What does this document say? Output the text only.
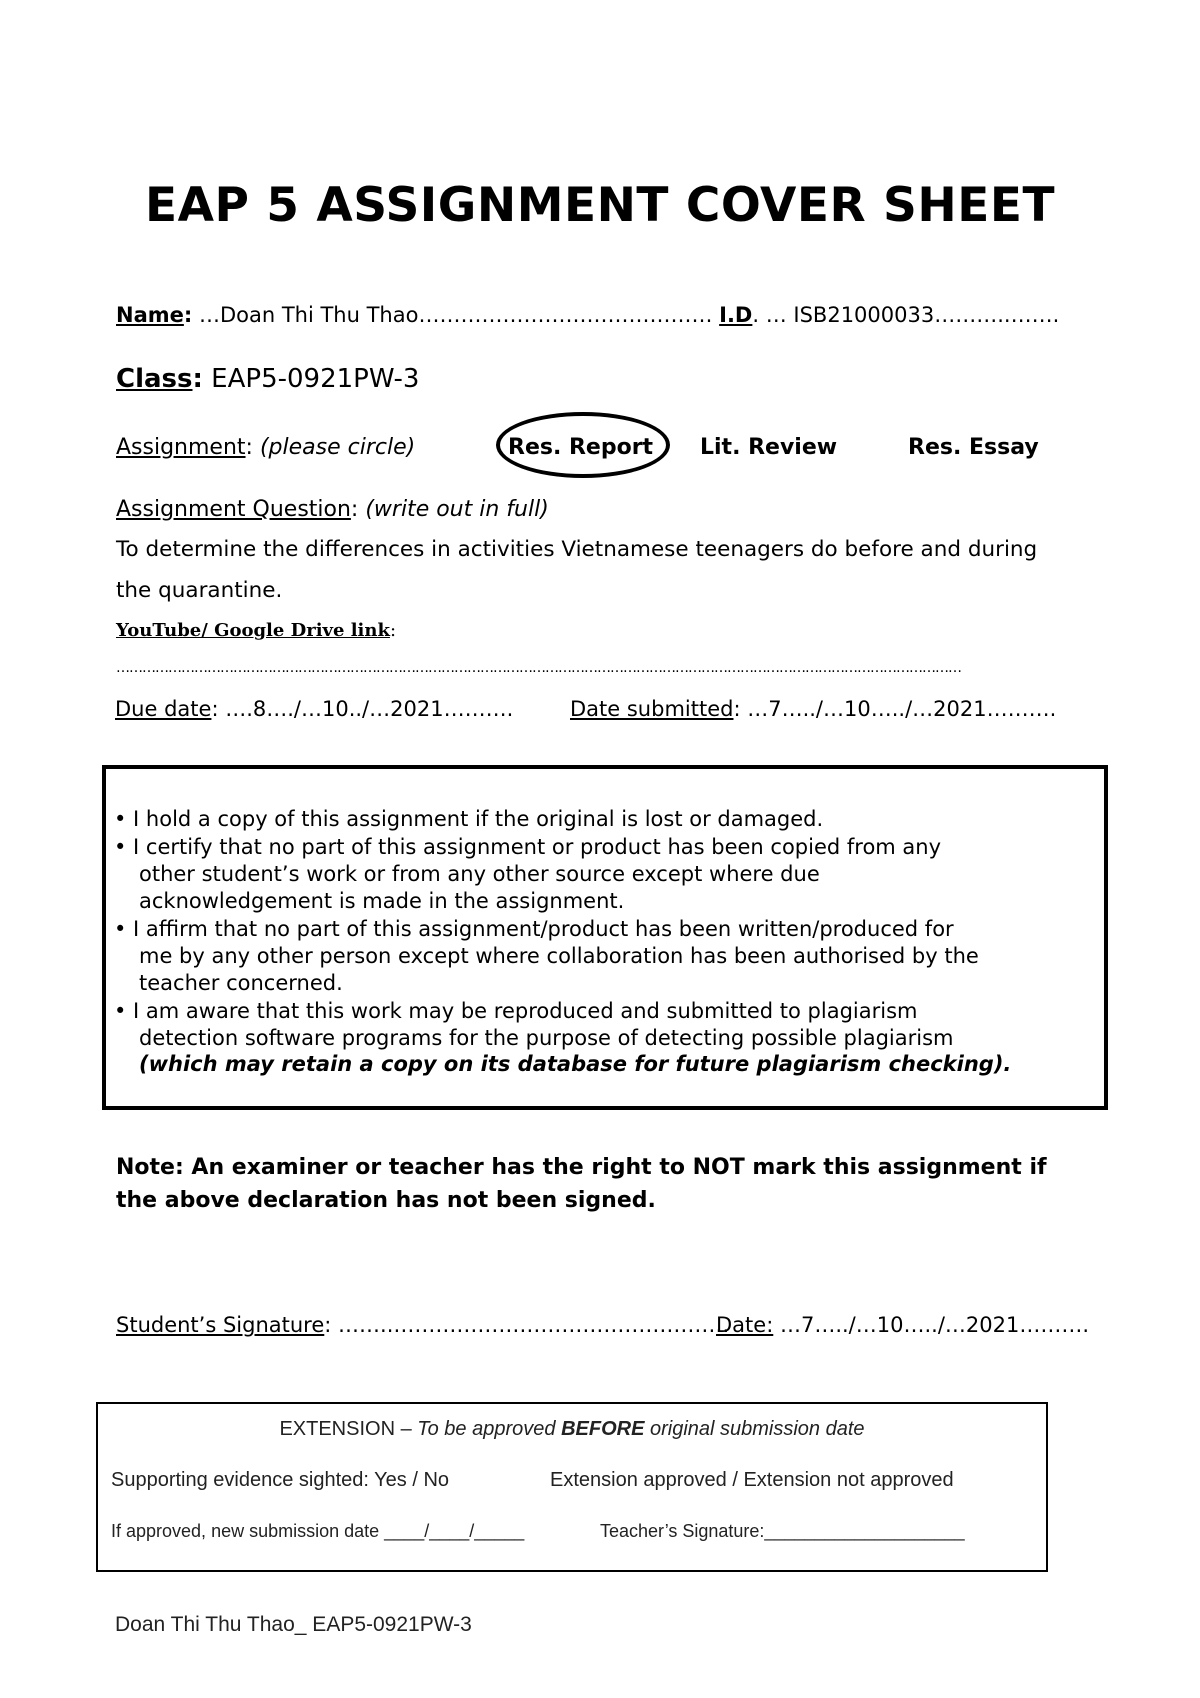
EAP 5 ASSIGNMENT COVER SHEET
Name: …Doan Thi Thu Thao…………………………………… I.D. … ISB21000033………..…….
Class: EAP5-0921PW-3
Assignment: (please circle)	Res. Report Lit. Review	Res. Essay
Assignment Question: (write out in full)
To determine the differences in activities Vietnamese teenagers do before and during
the quarantine.
YouTube/ Google Drive link:
……………………………………………………………………………………………………………………………………………………………………………
Due date: ….8…./…10../…2021……….	Date submitted: …7…../…10…../…2021……….
• I hold a copy of this assignment if the original is lost or damaged.
• I certify that no part of this assignment or product has been copied from any
other student’s work or from any other source except where due
acknowledgement is made in the assignment.
• I affirm that no part of this assignment/product has been written/produced for
me by any other person except where collaboration has been authorised by the
teacher concerned.
• I am aware that this work may be reproduced and submitted to plagiarism
detection software programs for the purpose of detecting possible plagiarism
(which may retain a copy on its database for future plagiarism checking).
Note: An examiner or teacher has the right to NOT mark this assignment if
the above declaration has not been signed.
Student’s Signature: ……..…………………………………………
Date: …7…../…10…../…2021……….
EXTENSION – To be approved BEFORE original submission date
Supporting evidence sighted: Yes / No	Extension approved / Extension not approved
If approved, new submission date ____/____/_____	Teacher’s Signature:____________________
Doan Thi Thu Thao_ EAP5-0921PW-3
